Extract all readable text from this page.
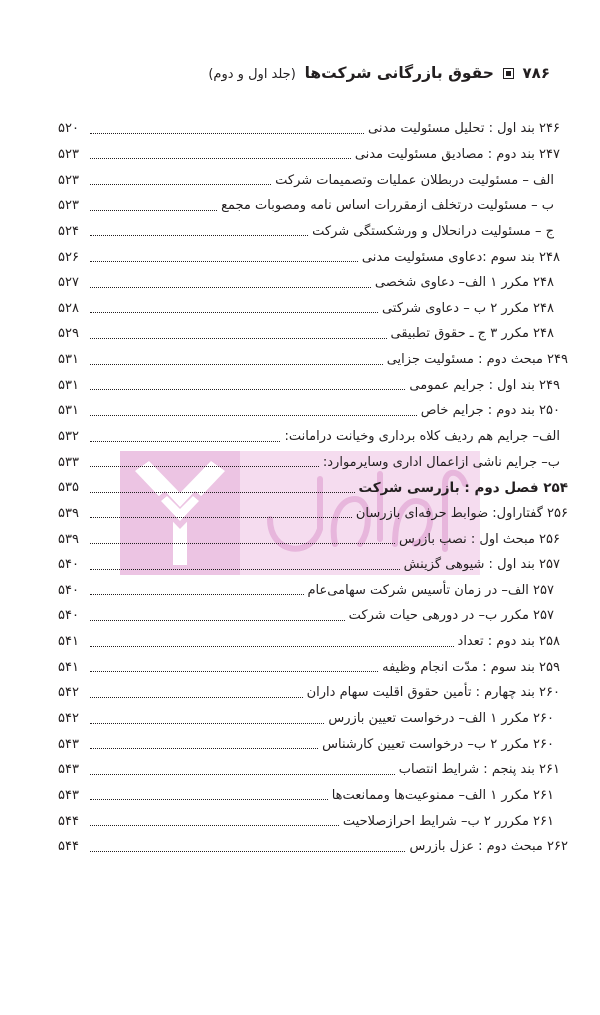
۷۸۶  حقوق بازرگانی شرکت‌ها (جلد اول و دوم)
۲۴۶ بند اول : تحلیل مسئولیت مدنی
۵۲۰
۲۴۷ بند دوم : مصادیق مسئولیت مدنی
۵۲۳
الف – مسئولیت دربطلان عملیات وتصمیمات شرکت
۵۲۳
ب – مسئولیت درتخلف ازمقررات اساس نامه ومصوبات مجمع
۵۲۳
ج – مسئولیت درانحلال و ورشکستگی شرکت
۵۲۴
۲۴۸ بند سوم :دعاوی مسئولیت مدنی
۵۲۶
۲۴۸ مکرر ۱ الف– دعاوی شخصی
۵۲۷
۲۴۸ مکرر ۲ ب – دعاوی شرکتی
۵۲۸
۲۴۸ مکرر ۳ ج ـ حقوق تطبیقی
۵۲۹
۲۴۹ مبحث دوم : مسئولیت جزایی
۵۳۱
۲۴۹ بند اول : جرایم عمومی
۵۳۱
۲۵۰ بند دوم : جرایم خاص
۵۳۱
الف– جرایم هم ردیف کلاه برداری وخیانت درامانت:
۵۳۲
ب– جرایم ناشی ازاعمال اداری وسایرموارد:
۵۳۳
۲۵۴ فصل دوم : بازرسی شرکت
۵۳۵
۲۵۶ گفتاراول: ضوابط حرفه‌ای بازرسان
۵۳۹
۲۵۶ مبحث اول : نصب بازرس
۵۳۹
۲۵۷ بند اول : شیوهی گزینش
۵۴۰
۲۵۷ الف– در زمان تأسیس شرکت سهامی‌عام
۵۴۰
۲۵۷ مکرر ب– در دورهی حیات شرکت
۵۴۰
۲۵۸ بند دوم : تعداد
۵۴۱
۲۵۹ بند سوم : مدّت انجام وظیفه
۵۴۱
۲۶۰ بند چهارم : تأمین حقوق اقلیت سهام داران
۵۴۲
۲۶۰ مکرر ۱ الف– درخواست تعیین بازرس
۵۴۲
۲۶۰ مکرر ۲ ب– درخواست تعیین کارشناس
۵۴۳
۲۶۱ بند پنجم : شرایط انتصاب
۵۴۳
۲۶۱ مکرر ۱ الف– ممنوعیت‌ها وممانعت‌ها
۵۴۳
۲۶۱ مکررر ۲ ب– شرایط احرازصلاحیت
۵۴۴
۲۶۲ مبحث دوم : عزل بازرس
۵۴۴
